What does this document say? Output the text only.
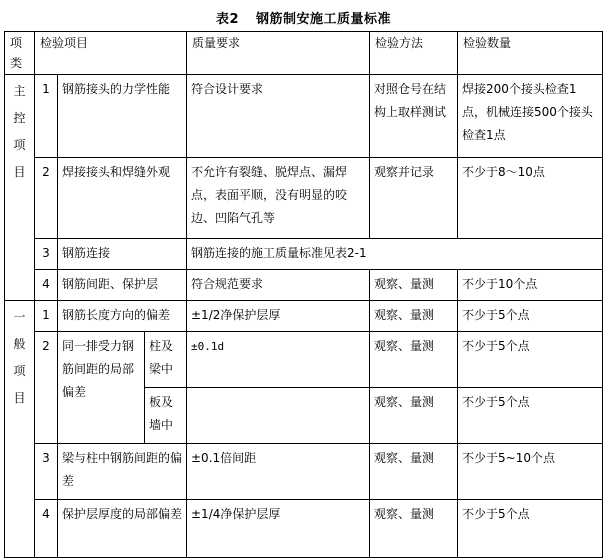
表2 钢筋制安施工质量标准
项类	检验项目			质量要求	检验方法	检验数量
主控项目	1	钢筋接头的力学性能		符合设计要求	对照仓号在结构上取样测试	焊接200个接头检查1点，机械连接500个接头检查1点
	2	焊接接头和焊缝外观		不允许有裂缝、脱焊点、漏焊点，表面平顺，没有明显的咬边、凹陷气孔等	观察并记录	不少于8～10点
	3	钢筋连接		钢筋连接的施工质量标准见表2-1		
	4	钢筋间距、保护层		符合规范要求	观察、量测	不少于10个点
一般项目	1	钢筋长度方向的偏差		±1/2净保护层厚	观察、量测	不少于5个点
	2	同一排受力钢筋间距的局部偏差	柱及梁中	±0.1d	观察、量测	不少于5个点
			板及墙中		观察、量测	不少于5个点
	3	梁与柱中钢筋间距的偏差		±0.1倍间距	观察、量测	不少于5~10个点
	4	保护层厚度的局部偏差		±1/4净保护层厚	观察、量测	不少于5个点
